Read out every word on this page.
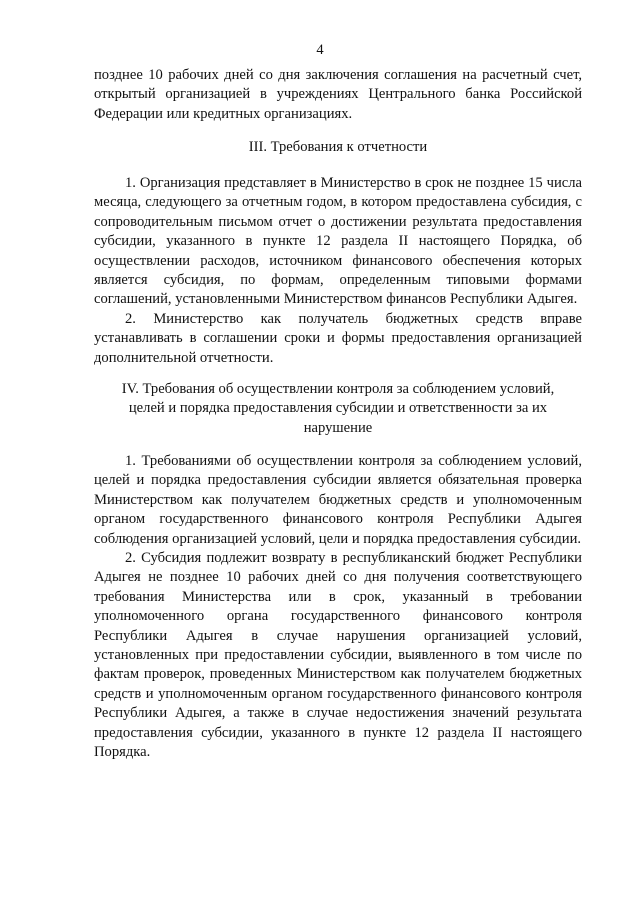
4

позднее 10 рабочих дней со дня заключения соглашения на расчетный счет, открытый организацией в учреждениях Центрального банка Российской Федерации или кредитных организациях.

III. Требования к отчетности

1. Организация представляет в Министерство в срок не позднее 15 числа месяца, следующего за отчетным годом, в котором предоставлена субсидия, с сопроводительным письмом отчет о достижении результата предоставления субсидии, указанного в пункте 12 раздела II настоящего Порядка, об осуществлении расходов, источником финансового обеспечения которых является субсидия, по формам, определенным типовыми формами соглашений, установленными Министерством финансов Республики Адыгея.

2. Министерство как получатель бюджетных средств вправе устанавливать в соглашении сроки и формы предоставления организацией дополнительной отчетности.

IV. Требования об осуществлении контроля за соблюдением условий,
целей и порядка предоставления субсидии и ответственности за их
нарушение

1. Требованиями об осуществлении контроля за соблюдением условий, целей и порядка предоставления субсидии является обязательная проверка Министерством как получателем бюджетных средств и уполномоченным органом государственного финансового контроля Республики Адыгея соблюдения организацией условий, цели и порядка предоставления субсидии.

2. Субсидия подлежит возврату в республиканский бюджет Республики Адыгея не позднее 10 рабочих дней со дня получения соответствующего требования Министерства или в срок, указанный в требовании уполномоченного органа государственного финансового контроля Республики Адыгея в случае нарушения организацией условий, установленных при предоставлении субсидии, выявленного в том числе по фактам проверок, проведенных Министерством как получателем бюджетных средств и уполномоченным органом государственного финансового контроля Республики Адыгея, а также в случае недостижения значений результата предоставления субсидии, указанного в пункте 12 раздела II настоящего Порядка.
